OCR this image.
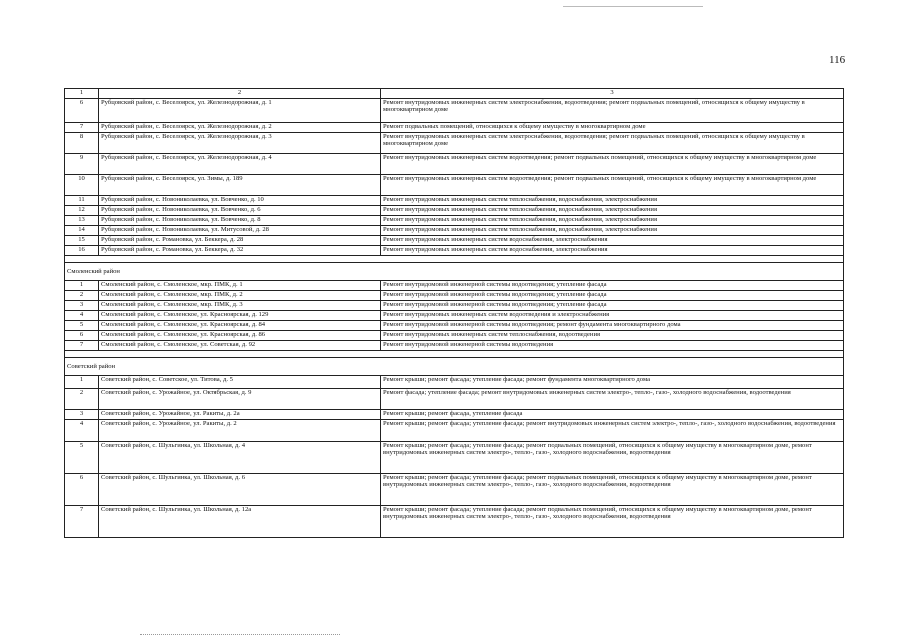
116
1	2	3
6	Рубцовский район, с. Веселоярск, ул. Железнодорожная, д. 1	Ремонт внутридомовых инженерных систем электроснабжения, водоотведения; ремонт подвальных помещений, относящихся к общему имуществу в многоквартирном доме
7	Рубцовский район, с. Веселоярск, ул. Железнодорожная, д. 2	Ремонт подвальных помещений, относящихся к общему имуществу в многоквартирном доме
8	Рубцовский район, с. Веселоярск, ул. Железнодорожная, д. 3	Ремонт внутридомовых инженерных систем электроснабжения, водоотведения; ремонт подвальных помещений, относящихся к общему имуществу в многоквартирном доме
9	Рубцовский район, с. Веселоярск, ул. Железнодорожная, д. 4	Ремонт внутридомовых инженерных систем водоотведения; ремонт подвальных помещений, относящихся к общему имуществу в многоквартирном доме
10	Рубцовский район, с. Веселоярск, ул. Зимы, д. 189	Ремонт внутридомовых инженерных систем водоотведения; ремонт подвальных помещений, относящихся к общему имуществу в многоквартирном доме
11	Рубцовский район, с. Новониколаевка, ул. Вовченко, д. 10	Ремонт внутридомовых инженерных систем теплоснабжения, водоснабжения, электроснабжения
12	Рубцовский район, с. Новониколаевка, ул. Вовченко, д. 6	Ремонт внутридомовых инженерных систем теплоснабжения, водоснабжения, электроснабжения
13	Рубцовский район, с. Новониколаевка, ул. Вовченко, д. 8	Ремонт внутридомовых инженерных систем теплоснабжения, водоснабжения, электроснабжения
14	Рубцовский район, с. Новониколаевка, ул. Митусовой, д. 28	Ремонт внутридомовых инженерных систем теплоснабжения, водоснабжения, электроснабжения
15	Рубцовский район, с. Романовка, ул. Беккера, д. 28	Ремонт внутридомовых инженерных систем водоснабжения, электроснабжения
16	Рубцовский район, с. Романовка, ул. Беккера, д. 32	Ремонт внутридомовых инженерных систем водоснабжения, электроснабжения

Смоленский район		
1	Смоленский район, с. Смоленское, мкр. ПМК, д. 1	Ремонт внутридомовой инженерной системы водоотведения; утепление фасада
2	Смоленский район, с. Смоленское, мкр. ПМК, д. 2	Ремонт внутридомовой инженерной системы водоотведения; утепление фасада
3	Смоленский район, с. Смоленское, мкр. ПМК, д. 3	Ремонт внутридомовой инженерной системы водоотведения; утепление фасада
4	Смоленский район, с. Смоленское, ул. Красноярская, д. 129	Ремонт внутридомовых инженерных систем водоотведения и электроснабжения
5	Смоленский район, с. Смоленское, ул. Красноярская, д. 84	Ремонт внутридомовой инженерной системы водоотведения; ремонт фундамента многоквартирного дома
6	Смоленский район, с. Смоленское, ул. Красноярская, д. 86	Ремонт внутридомовых инженерных систем теплоснабжения, водоотведения
7	Смоленский район, с. Смоленское, ул. Советская, д. 92	Ремонт внутридомовой инженерной системы водоотведения

Советский район		
1	Советский район, с. Советское, ул. Титова, д. 5	Ремонт крыши; ремонт фасада; утепление фасада; ремонт фундамента многоквартирного дома
2	Советский район, с. Урожайное, ул. Октябрьская, д. 9	Ремонт фасада; утепление фасада; ремонт внутридомовых инженерных систем электро-, тепло-, газо-, холодного водоснабжения, водоотведения
3	Советский район, с. Урожайное, ул. Ракиты, д. 2а	Ремонт крыши; ремонт фасада, утепление фасада
4	Советский район, с. Урожайное, ул. Ракиты, д. 2	Ремонт крыши; ремонт фасада; утепление фасада; ремонт внутридомовых инженерных систем электро-, тепло-, газо-, холодного водоснабжения, водоотведения
5	Советский район, с. Шульгинка, ул. Школьная, д. 4	Ремонт крыши; ремонт фасада; утепление фасада; ремонт подвальных помещений, относящихся к общему имуществу в многоквартирном доме, ремонт внутридомовых инженерных систем электро-, тепло-, газо-, холодного водоснабжения, водоотведения
6	Советский район, с. Шульгинка, ул. Школьная, д. 6	Ремонт крыши; ремонт фасада; утепление фасада; ремонт подвальных помещений, относящихся к общему имуществу в многоквартирном доме, ремонт внутридомовых инженерных систем электро-, тепло-, газо-, холодного водоснабжения, водоотведения
7	Советский район, с. Шульгинка, ул. Школьная, д. 12а	Ремонт крыши; ремонт фасада; утепление фасада; ремонт подвальных помещений, относящихся к общему имуществу в многоквартирном доме, ремонт внутридомовых инженерных систем электро-, тепло-, газо-, холодного водоснабжения, водоотведения
